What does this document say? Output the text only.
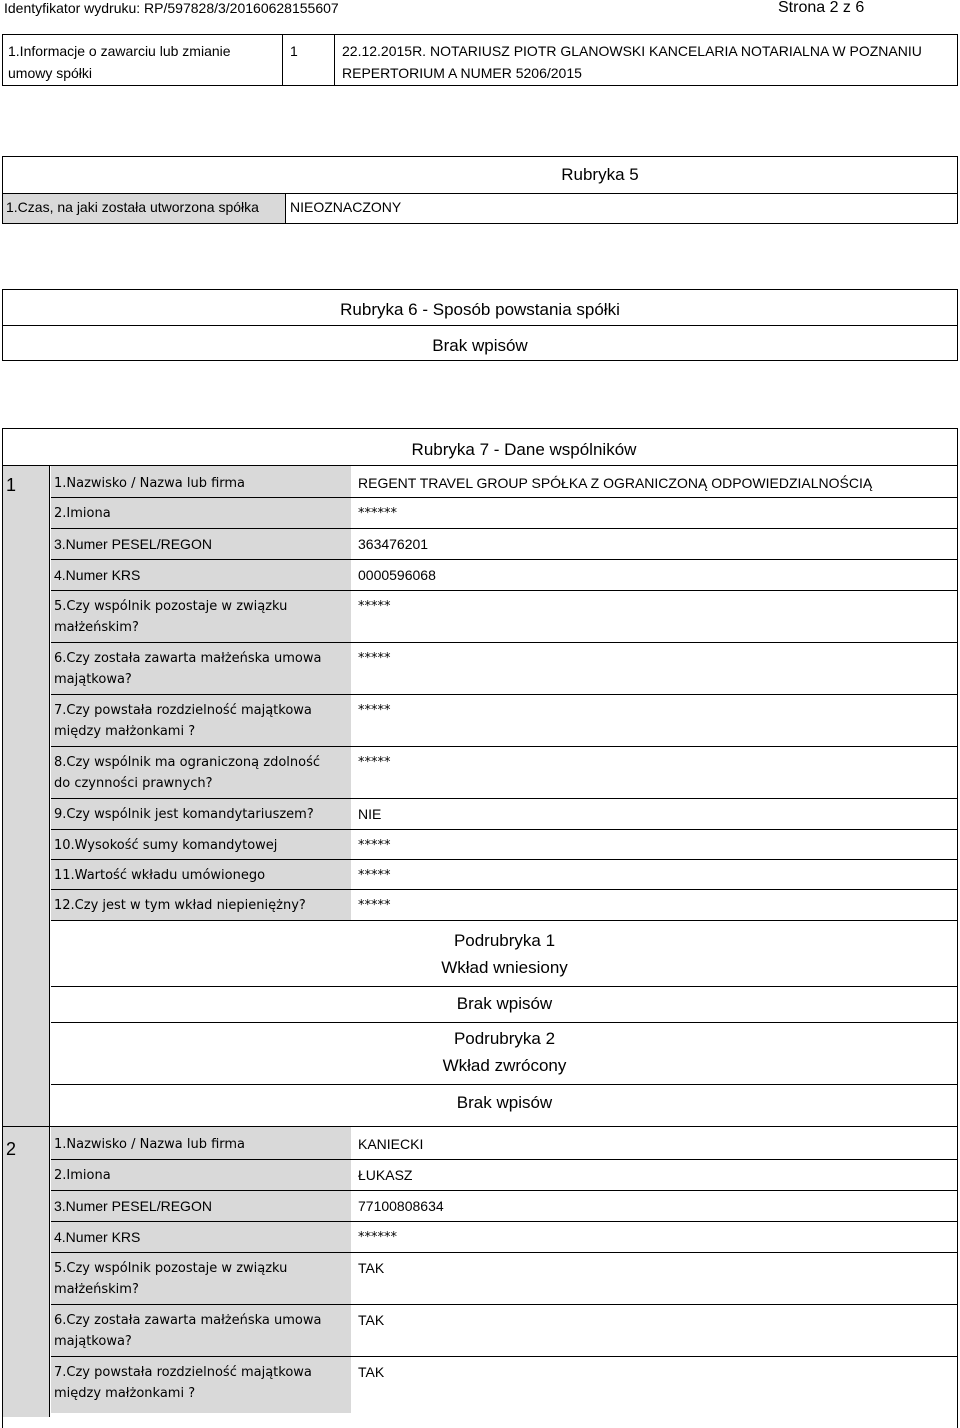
Identyfikator wydruku: RP/597828/3/20160628155607	Strona 2 z 6
1.Informacje o zawarciu lub zmianie
umowy spółki
1	22.12.2015R. NOTARIUSZ PIOTR GLANOWSKI KANCELARIA NOTARIALNA W POZNANIU
REPERTORIUM A NUMER 5206/2015
Rubryka 5
1.Czas, na jaki została utworzona spółka NIEOZNACZONY
Rubryka 6 - Sposób powstania spółki
Brak wpisów
Rubryka 7 - Dane wspólników
1
2
1.Nazwisko / Nazwa lub firma	REGENT TRAVEL GROUP SPÓŁKA Z OGRANICZONĄ ODPOWIEDZIALNOŚCIĄ
2.Imiona	******
3.Numer PESEL/REGON	363476201
4.Numer KRS	0000596068
5.Czy wspólnik pozostaje w związku małżeńskim?
*****
6.Czy została zawarta małżeńska umowa majątkowa?
*****
7.Czy powstała rozdzielność majątkowa między małżonkami ?
*****
8.Czy wspólnik ma ograniczoną zdolność do czynności prawnych?
*****
9.Czy wspólnik jest komandytariuszem?	NIE
10.Wysokość sumy komandytowej	*****
11.Wartość wkładu umówionego	*****
12.Czy jest w tym wkład niepieniężny?	*****
Podrubryka 1
Wkład wniesiony
Brak wpisów
Podrubryka 2
Wkład zwrócony
Brak wpisów
1.Nazwisko / Nazwa lub firma	KANIECKI
2.Imiona	ŁUKASZ
3.Numer PESEL/REGON	77100808634
4.Numer KRS	******
5.Czy wspólnik pozostaje w związku małżeńskim?
TAK
6.Czy została zawarta małżeńska umowa majątkowa?
TAK
7.Czy powstała rozdzielność majątkowa między małżonkami ?
TAK
